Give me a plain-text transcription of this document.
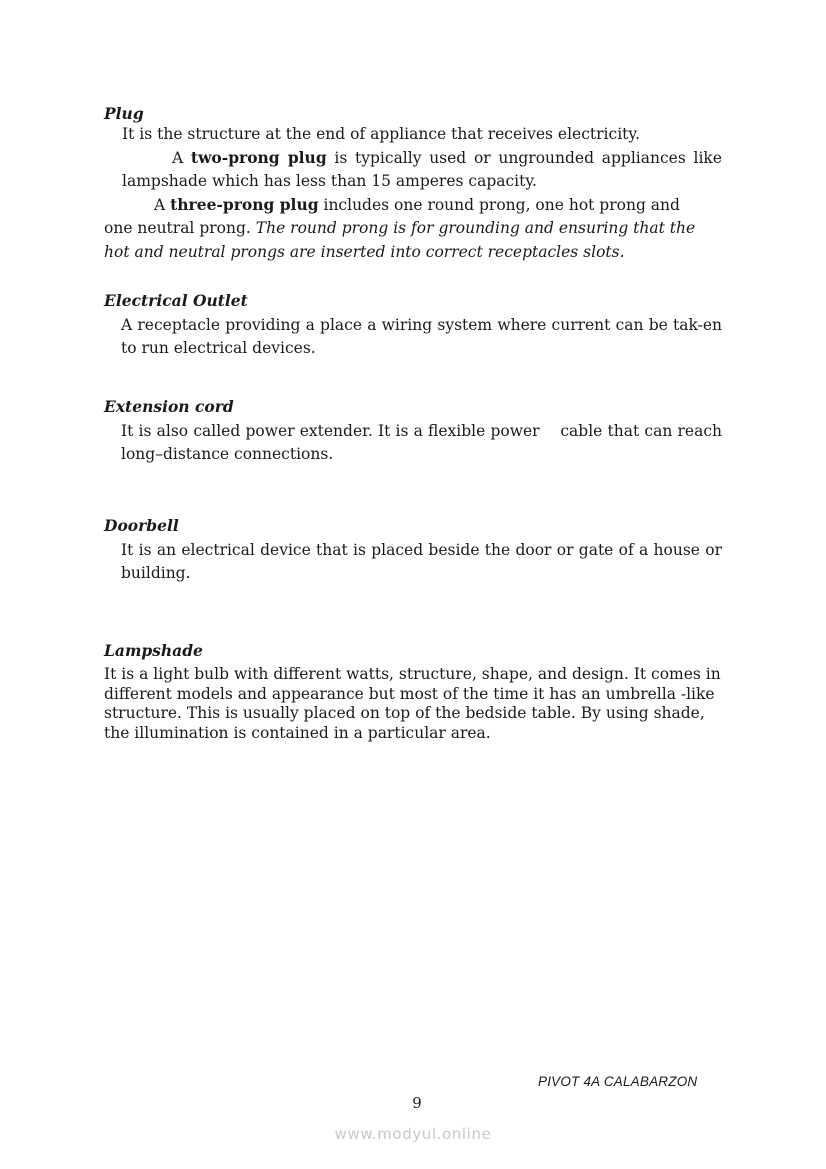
Plug

It is the structure at the end of appliance that receives electricity.

A two-prong plug is typically used or ungrounded appliances like lampshade which has less than 15 amperes capacity.

A three-prong plug includes one round prong, one hot prong and one neutral prong. The round prong is for grounding and ensuring that the hot and neutral prongs are inserted into correct receptacles slots.

Electrical Outlet

A receptacle providing a place a wiring system where current can be tak-en to run electrical devices.

Extension cord

It is also called power extender. It is a flexible power    cable that can reach long–distance connections.

Doorbell

It is an electrical device that is placed beside the door or gate of a house or building.

Lampshade

It is a light bulb with different watts, structure, shape, and design. It comes in different models and appearance but most of the time it has an umbrella -like structure. This is usually placed on top of the bedside table. By using shade, the illumination is contained in a particular area.

PIVOT 4A CALABARZON
9
www.modyul.online
